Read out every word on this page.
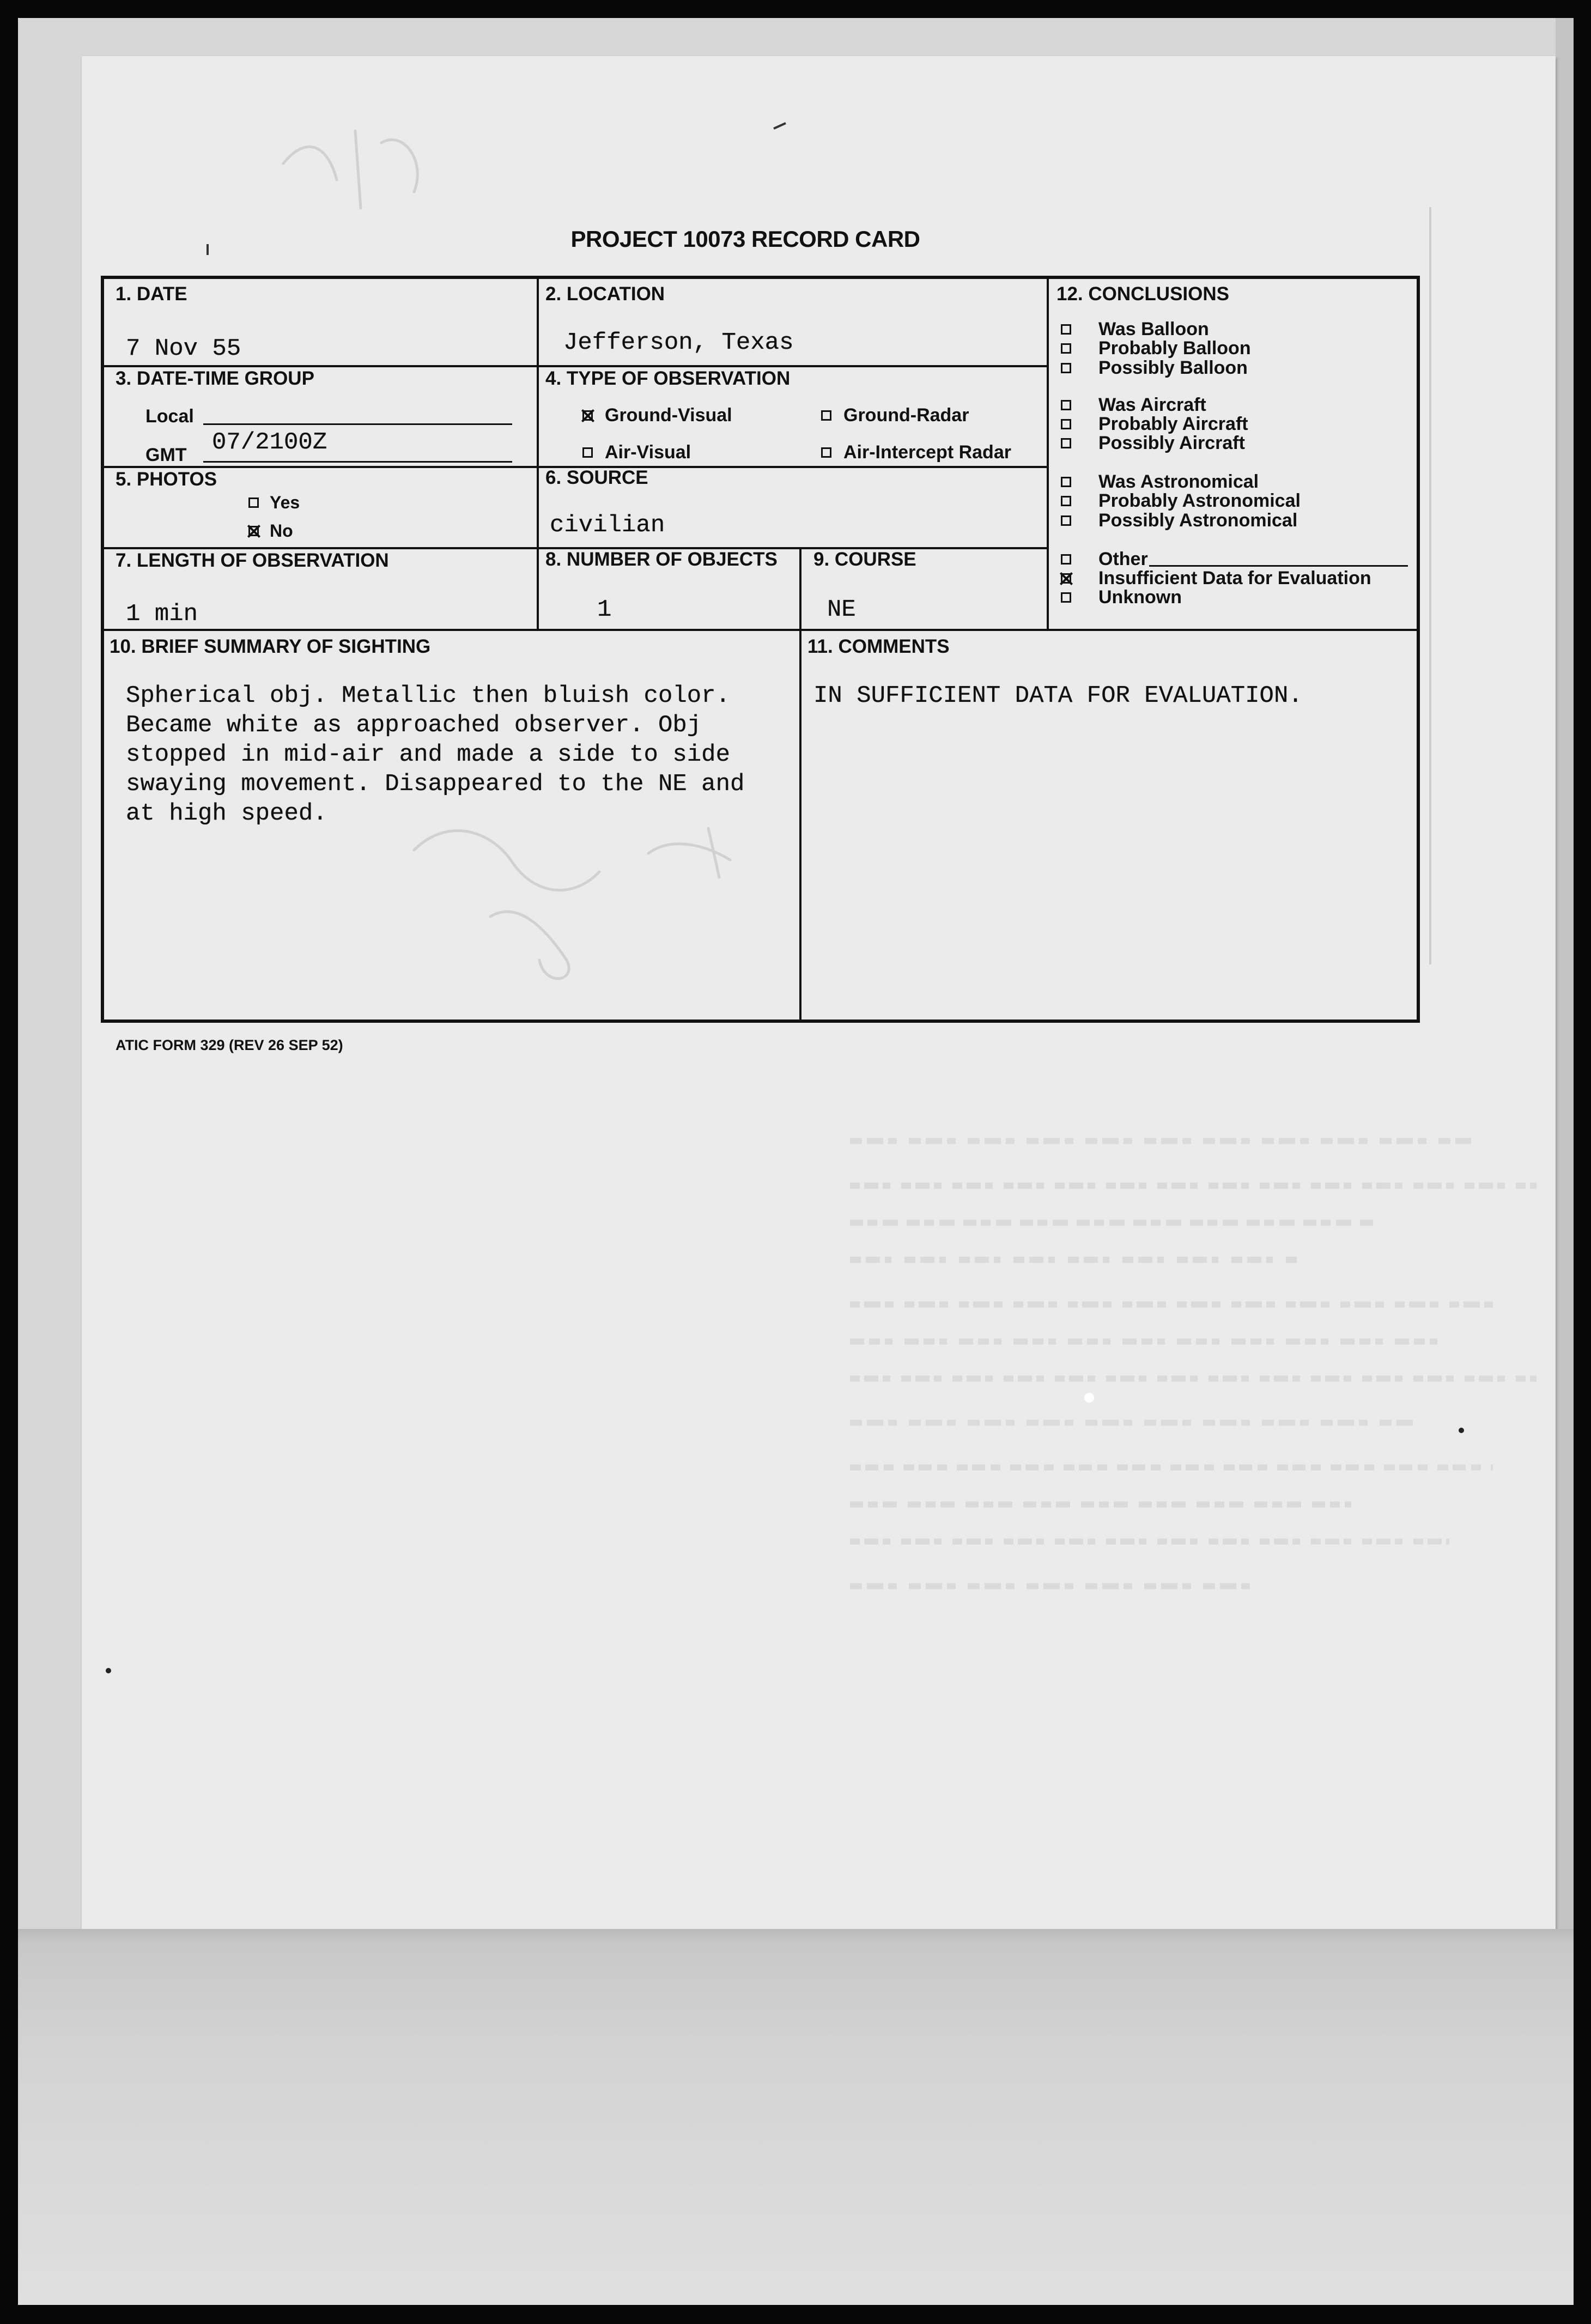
PROJECT 10073 RECORD CARD
1. DATE
7 Nov 55
2. LOCATION
Jefferson, Texas
3. DATE-TIME GROUP
Local
GMT 07/2100Z
4. TYPE OF OBSERVATION
Ground-Visual	Ground-Radar
Air-Visual	Air-Intercept Radar
5. PHOTOS
Yes
No
6. SOURCE
civilian
7. LENGTH OF OBSERVATION
1 min
8. NUMBER OF OBJECTS
1
9. COURSE
NE
12. CONCLUSIONS
Was Balloon
Probably Balloon
Possibly Balloon
Was Aircraft
Probably Aircraft
Possibly Aircraft
Was Astronomical
Probably Astronomical
Possibly Astronomical
Other
Insufficient Data for Evaluation
Unknown
10. BRIEF SUMMARY OF SIGHTING
Spherical obj. Metallic then bluish color.
Became white as approached observer. Obj
stopped in mid-air and made a side to side
swaying movement. Disappeared to the NE and
at high speed.
11. COMMENTS
IN SUFFICIENT DATA FOR EVALUATION.
ATIC FORM 329 (REV 26 SEP 52)
